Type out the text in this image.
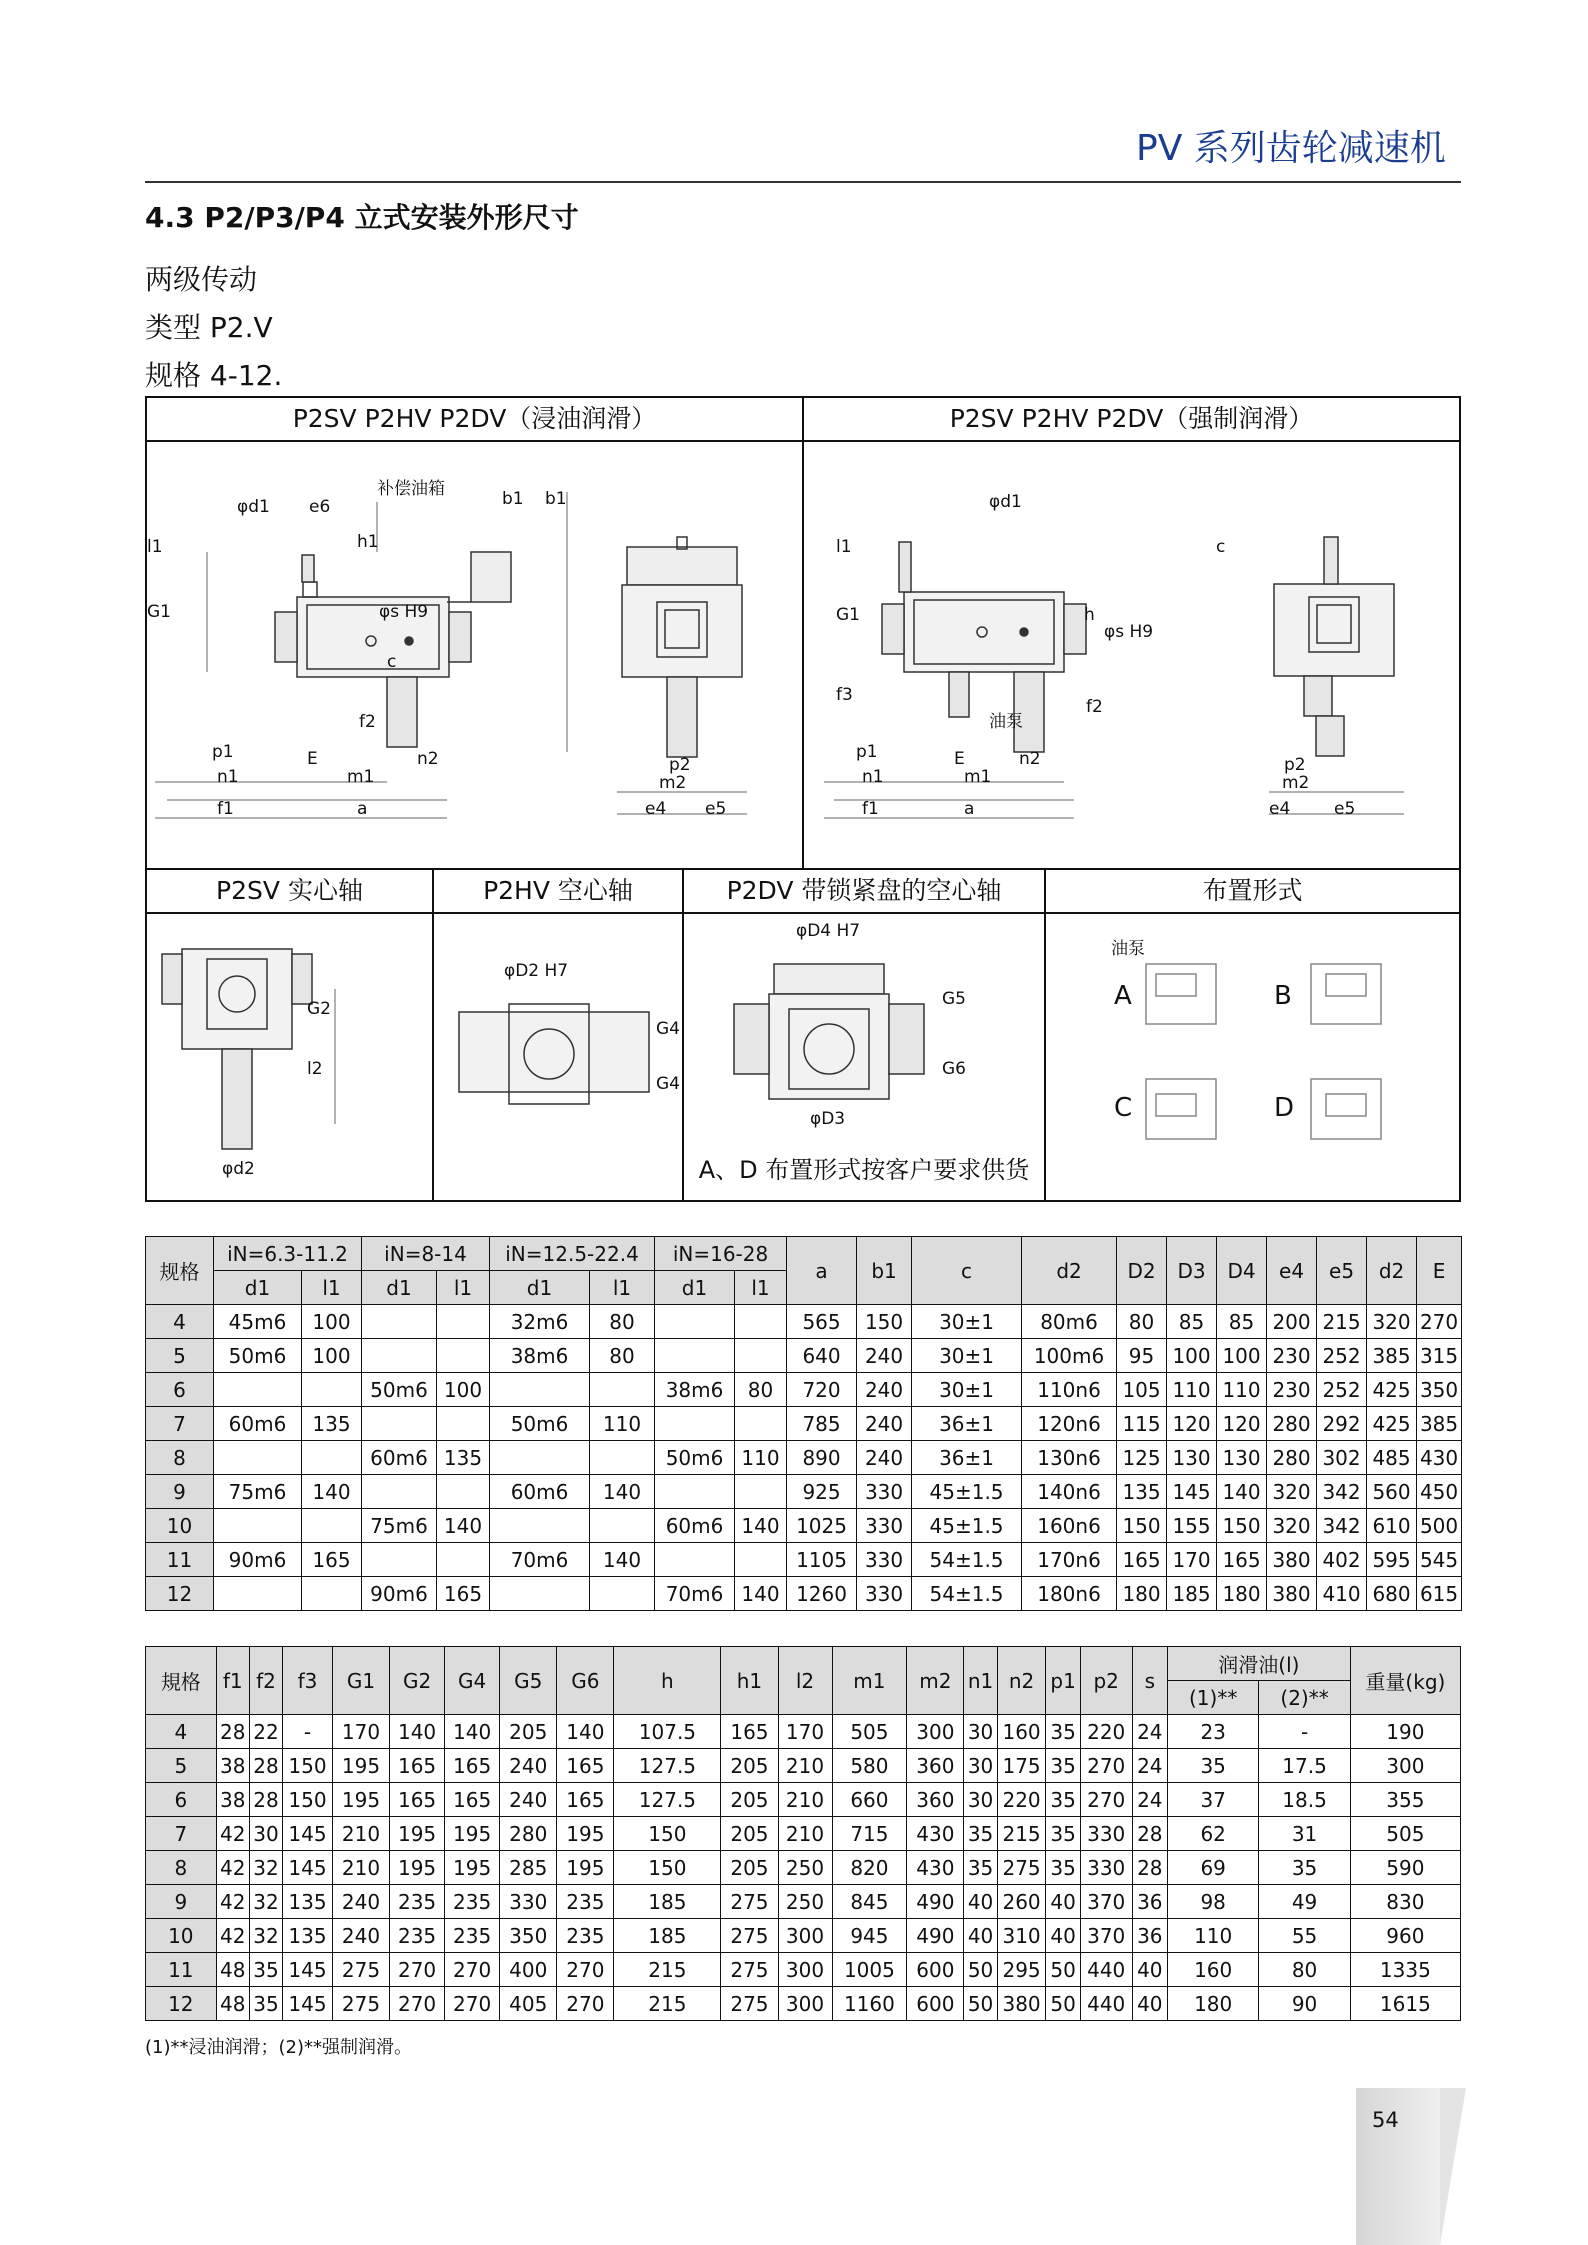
PV 系列齿轮减速机
4.3 P2/P3/P4 立式安装外形尺寸
两级传动
类型 P2.V
规格 4-12.
P2SV P2HV P2DV（浸油润滑）	P2SV P2HV P2DV（强制润滑）
P2SV 实心轴	P2HV 空心轴	P2DV 带锁紧盘的空心轴	布置形式
φd1 e6
补偿油箱	b1 b1
h1
l1
G1	φs H9
c
f2
p1	E	n2
n1	m1
f1	a
p2
m2
e4 e5
φd1
l1
G1
f3
h
φs H9
c
f2
油泵
p1	E	n2
n1	m1
f1	a
p2
m2
e4	e5
G2
l2
φd2
φD2 H7
G4
G4
φD4 H7
G5
G6
φD3
A、D 布置形式按客户要求供货
油泵
A	B
C	D
规格	iN=6.3-11.2		iN=8-14		iN=12.5-22.4		iN=16-28		a	b1	c	d2	D2	D3	D4	e4	e5	d2	E
	d1	l1	d1	l1	d1	l1	d1	l1											
4	45m6	100			32m6	80			565	150	30±1	80m6	80	85	85	200	215	320	270
5	50m6	100			38m6	80			640	240	30±1	100m6	95	100	100	230	252	385	315
6			50m6	100			38m6	80	720	240	30±1	110n6	105	110	110	230	252	425	350
7	60m6	135			50m6	110			785	240	36±1	120n6	115	120	120	280	292	425	385
8			60m6	135			50m6	110	890	240	36±1	130n6	125	130	130	280	302	485	430
9	75m6	140			60m6	140			925	330	45±1.5	140n6	135	145	140	320	342	560	450
10			75m6	140			60m6	140	1025	330	45±1.5	160n6	150	155	150	320	342	610	500
11	90m6	165			70m6	140			1105	330	54±1.5	170n6	165	170	165	380	402	595	545
12			90m6	165			70m6	140	1260	330	54±1.5	180n6	180	185	180	380	410	680	615
規格	f1	f2	f3	G1	G2	G4	G5	G6	h	h1	l2	m1	m2	n1	n2	p1	p2	s	润滑油(l)		重量(kg)
																			(1)**	(2)**	
4	28	22	-	170	140	140	205	140	107.5	165	170	505	300	30	160	35	220	24	23	-	190
5	38	28	150	195	165	165	240	165	127.5	205	210	580	360	30	175	35	270	24	35	17.5	300
6	38	28	150	195	165	165	240	165	127.5	205	210	660	360	30	220	35	270	24	37	18.5	355
7	42	30	145	210	195	195	280	195	150	205	210	715	430	35	215	35	330	28	62	31	505
8	42	32	145	210	195	195	285	195	150	205	250	820	430	35	275	35	330	28	69	35	590
9	42	32	135	240	235	235	330	235	185	275	250	845	490	40	260	40	370	36	98	49	830
10	42	32	135	240	235	235	350	235	185	275	300	945	490	40	310	40	370	36	110	55	960
11	48	35	145	275	270	270	400	270	215	275	300	1005	600	50	295	50	440	40	160	80	1335
12	48	35	145	275	270	270	405	270	215	275	300	1160	600	50	380	50	440	40	180	90	1615
(1)**浸油润滑；(2)**强制润滑。
54
